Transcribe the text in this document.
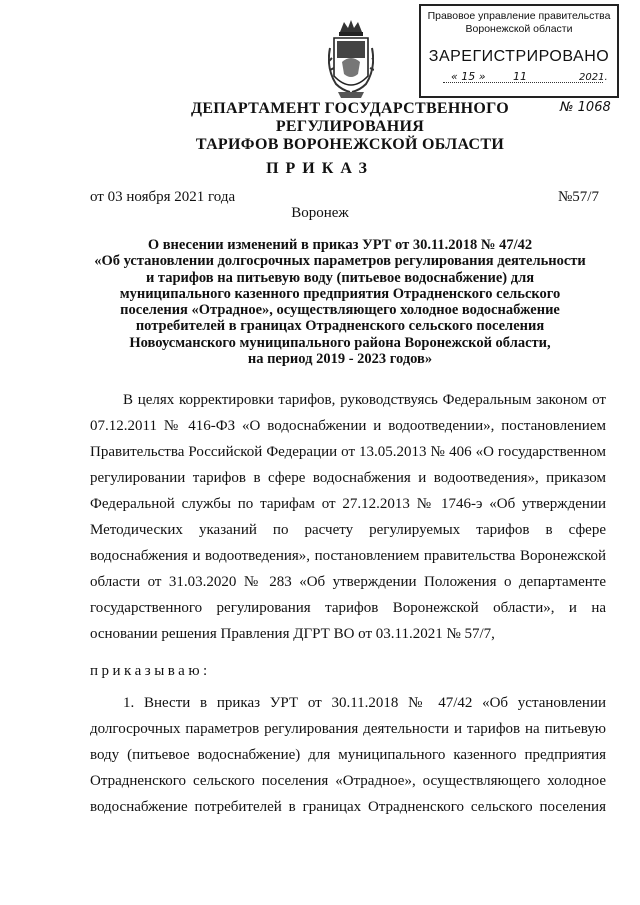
Правовое управление правительства
Воронежской области
ЗАРЕГИСТРИРОВАНО
« 15 » 11	2021.
№ 1068
ДЕПАРТАМЕНТ ГОСУДАРСТВЕННОГО РЕГУЛИРОВАНИЯ
ТАРИФОВ ВОРОНЕЖСКОЙ ОБЛАСТИ
ПРИКАЗ
от 03 ноября 2021 года	№57/7
Воронеж
О внесении изменений в приказ УРТ от 30.11.2018 № 47/42
«Об установлении долгосрочных параметров регулирования деятельности
и тарифов на питьевую воду (питьевое водоснабжение) для
муниципального казенного предприятия Отрадненского сельского
поселения «Отрадное», осуществляющего холодное водоснабжение
потребителей в границах Отрадненского сельского поселения
Новоусманского муниципального района Воронежской области,
на период 2019 - 2023 годов»
В целях корректировки тарифов, руководствуясь Федеральным законом от
07.12.2011 № 416-ФЗ «О водоснабжении и водоотведении», постановлением
Правительства Российской Федерации от 13.05.2013 № 406 «О государственном
регулировании тарифов в сфере водоснабжения и водоотведения», приказом
Федеральной службы по тарифам от 27.12.2013 № 1746-э «Об утверждении
Методических указаний по расчету регулируемых тарифов в сфере
водоснабжения и водоотведения», постановлением правительства Воронежской
области от 31.03.2020 № 283 «Об утверждении Положения о департаменте
государственного регулирования тарифов Воронежской области», и на
основании решения Правления ДГРТ ВО от 03.11.2021 № 57/7,
приказываю:
1. Внести в приказ УРТ от 30.11.2018 № 47/42 «Об установлении
долгосрочных параметров регулирования деятельности и тарифов на питьевую
воду (питьевое водоснабжение) для муниципального казенного предприятия
Отрадненского сельского поселения «Отрадное», осуществляющего холодное
водоснабжение потребителей в границах Отрадненского сельского поселения
